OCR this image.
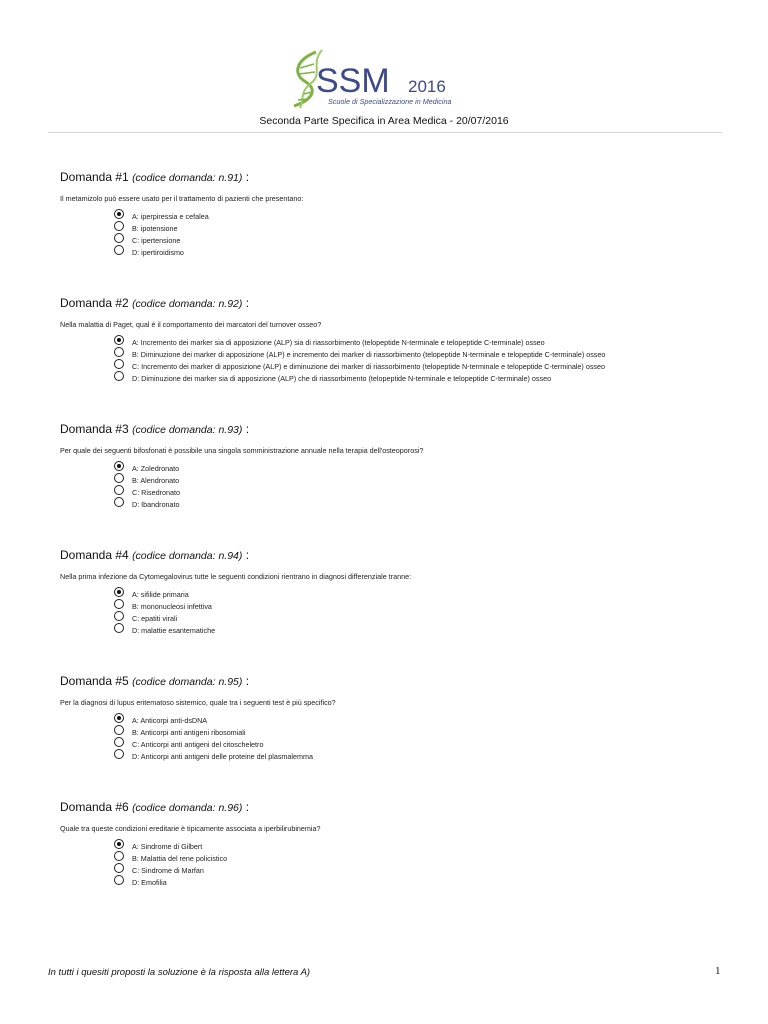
SSM 2016
Scuole di Specializzazione in Medicina
Seconda Parte Specifica in Area Medica - 20/07/2016
Domanda #1 (codice domanda: n.91) :
Il metamizolo può essere usato per il trattamento di pazienti che presentano:
A: iperpiressia e cefalea
B: ipotensione
C: ipertensione
D: ipertiroidismo
Domanda #2 (codice domanda: n.92) :
Nella malattia di Paget, qual è il comportamento dei marcatori del turnover osseo?
A: Incremento dei marker sia di apposizione (ALP) sia di riassorbimento (telopeptide N-terminale e telopeptide C-terminale) osseo
B: Diminuzione dei marker di apposizione (ALP) e incremento dei marker di riassorbimento (telopeptide N-terminale e telopeptide C-terminale) osseo
C: Incremento dei marker di apposizione (ALP) e diminuzione dei marker di riassorbimento (telopeptide N-terminale e telopeptide C-terminale) osseo
D: Diminuzione dei marker sia di apposizione (ALP) che di riassorbimento (telopeptide N-terminale e telopeptide C-terminale) osseo
Domanda #3 (codice domanda: n.93) :
Per quale dei seguenti bifosfonati è possibile una singola somministrazione annuale nella terapia dell'osteoporosi?
A: Zoledronato
B: Alendronato
C: Risedronato
D: Ibandronato
Domanda #4 (codice domanda: n.94) :
Nella prima infezione da Cytomegalovirus tutte le seguenti condizioni rientrano in diagnosi differenziale tranne:
A: sifilide primaria
B: mononucleosi infettiva
C: epatiti virali
D: malattie esantematiche
Domanda #5 (codice domanda: n.95) :
Per la diagnosi di lupus eritematoso sistemico, quale tra i seguenti test è più specifico?
A: Anticorpi anti-dsDNA
B: Anticorpi anti antigeni ribosomiali
C: Anticorpi anti antigeni del citoscheletro
D: Anticorpi anti antigeni delle proteine del plasmalemma
Domanda #6 (codice domanda: n.96) :
Quale tra queste condizioni ereditarie è tipicamente associata a iperbilirubinemia?
A: Sindrome di Gilbert
B: Malattia del rene policistico
C: Sindrome di Marfan
D: Emofilia
In tutti i quesiti proposti la soluzione è la risposta alla lettera A)	1
